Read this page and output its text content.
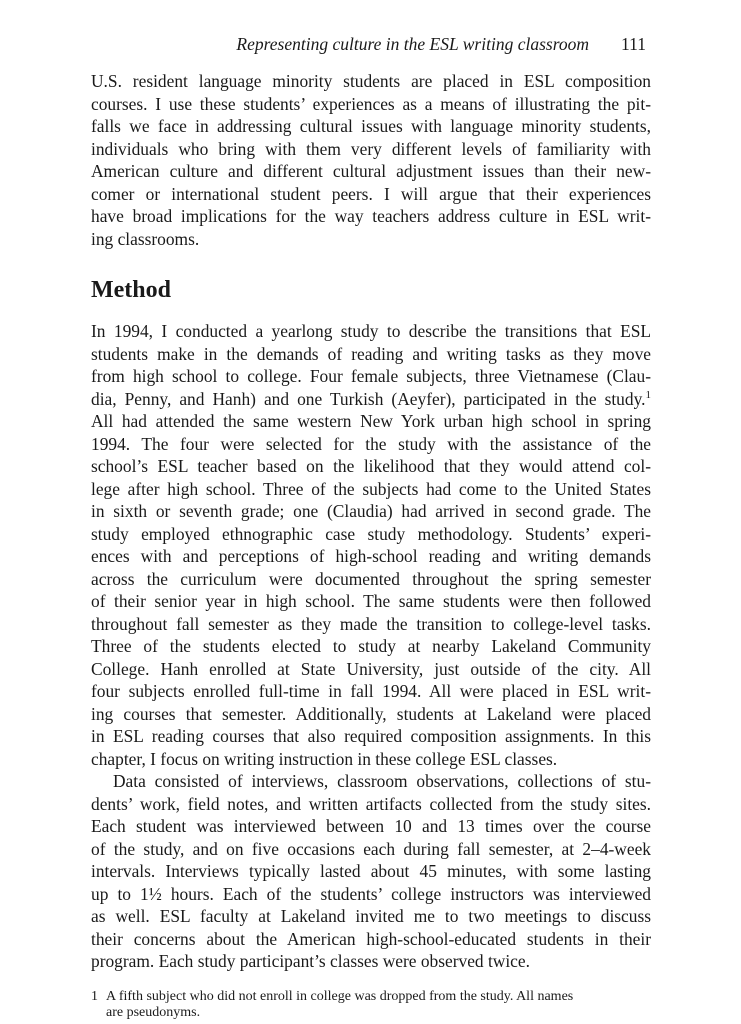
Representing culture in the ESL writing classroom 111
U.S. resident language minority students are placed in ESL composition
courses. I use these students’ experiences as a means of illustrating the pit-
falls we face in addressing cultural issues with language minority students,
individuals who bring with them very different levels of familiarity with
American culture and different cultural adjustment issues than their new-
comer or international student peers. I will argue that their experiences
have broad implications for the way teachers address culture in ESL writ-
ing classrooms.
Method
In 1994, I conducted a yearlong study to describe the transitions that ESL
students make in the demands of reading and writing tasks as they move
from high school to college. Four female subjects, three Vietnamese (Clau-
dia, Penny, and Hanh) and one Turkish (Aeyfer), participated in the study.$^1$
All had attended the same western New York urban high school in spring
1994. The four were selected for the study with the assistance of the
school’s ESL teacher based on the likelihood that they would attend col-
lege after high school. Three of the subjects had come to the United States
in sixth or seventh grade; one (Claudia) had arrived in second grade. The
study employed ethnographic case study methodology. Students’ experi-
ences with and perceptions of high-school reading and writing demands
across the curriculum were documented throughout the spring semester
of their senior year in high school. The same students were then followed
throughout fall semester as they made the transition to college-level tasks.
Three of the students elected to study at nearby Lakeland Community
College. Hanh enrolled at State University, just outside of the city. All
four subjects enrolled full-time in fall 1994. All were placed in ESL writ-
ing courses that semester. Additionally, students at Lakeland were placed
in ESL reading courses that also required composition assignments. In this
chapter, I focus on writing instruction in these college ESL classes.
Data consisted of interviews, classroom observations, collections of stu-
dents’ work, field notes, and written artifacts collected from the study sites.
Each student was interviewed between 10 and 13 times over the course
of the study, and on five occasions each during fall semester, at 2–4-week
intervals. Interviews typically lasted about 45 minutes, with some lasting
up to 1½ hours. Each of the students’ college instructors was interviewed
as well. ESL faculty at Lakeland invited me to two meetings to discuss
their concerns about the American high-school-educated students in their
program. Each study participant’s classes were observed twice.
1 A fifth subject who did not enroll in college was dropped from the study. All names
are pseudonyms.
